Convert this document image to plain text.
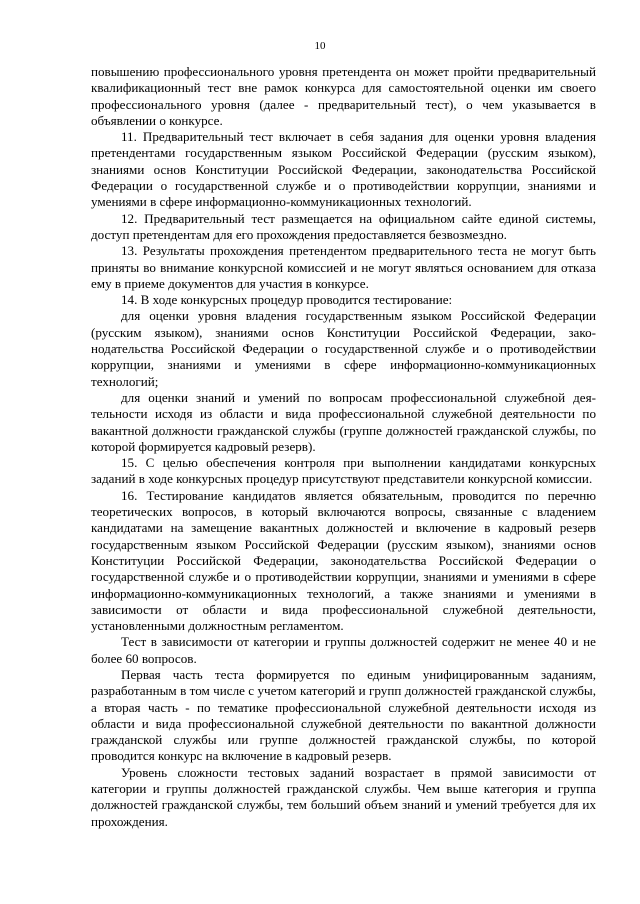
10

повышению профессионального уровня претендента он может пройти предварительный квалификационный тест вне рамок конкурса для самостоятельной оценки им своего профессионального уровня (далее - предварительный тест), о чем указывается в объявлении о конкурсе.

11. Предварительный тест включает в себя задания для оценки уровня владения претендентами государственным языком Российской Федерации (русским языком), знаниями основ Конституции Российской Федерации, законодательства Российской Федерации о государственной службе и о противодействии коррупции, знаниями и умениями в сфере информационно-коммуникационных технологий.

12. Предварительный тест размещается на официальном сайте единой системы, доступ претендентам для его прохождения предоставляется безвозмездно.

13. Результаты прохождения претендентом предварительного теста не могут быть приняты во внимание конкурсной комиссией и не могут являться основанием для отказа ему в приеме документов для участия в конкурсе.

14. В ходе конкурсных процедур проводится тестирование:

для оценки уровня владения государственным языком Российской Федерации (русским языком), знаниями основ Конституции Российской Федерации, законодательства Российской Федерации о государственной службе и о противодействии коррупции, знаниями и умениями в сфере информационно-коммуникационных технологий;

для оценки знаний и умений по вопросам профессиональной служебной деятельности исходя из области и вида профессиональной служебной деятельности по вакантной должности гражданской службы (группе должностей гражданской службы, по которой формируется кадровый резерв).

15. С целью обеспечения контроля при выполнении кандидатами конкурсных заданий в ходе конкурсных процедур присутствуют представители конкурсной комиссии.

16. Тестирование кандидатов является обязательным, проводится по перечню теоретических вопросов, в который включаются вопросы, связанные с владением кандидатами на замещение вакантных должностей и включение в кадровый резерв государственным языком Российской Федерации (русским языком), знаниями основ Конституции Российской Федерации, законодательства Российской Федерации о государственной службе и о противодействии коррупции, знаниями и умениями в сфере информационно-коммуникационных технологий, а также знаниями и умениями в зависимости от области и вида профессиональной служебной деятельности, установленными должностным регламентом.

Тест в зависимости от категории и группы должностей содержит не менее 40 и не более 60 вопросов.

Первая часть теста формируется по единым унифицированным заданиям, разработанным в том числе с учетом категорий и групп должностей гражданской службы, а вторая часть - по тематике профессиональной служебной деятельности исходя из области и вида профессиональной служебной деятельности по вакантной должности гражданской службы или группе должностей гражданской службы, по которой проводится конкурс на включение в кадровый резерв.

Уровень сложности тестовых заданий возрастает в прямой зависимости от категории и группы должностей гражданской службы. Чем выше категория и группа должностей гражданской службы, тем больший объем знаний и умений требуется для их прохождения.
